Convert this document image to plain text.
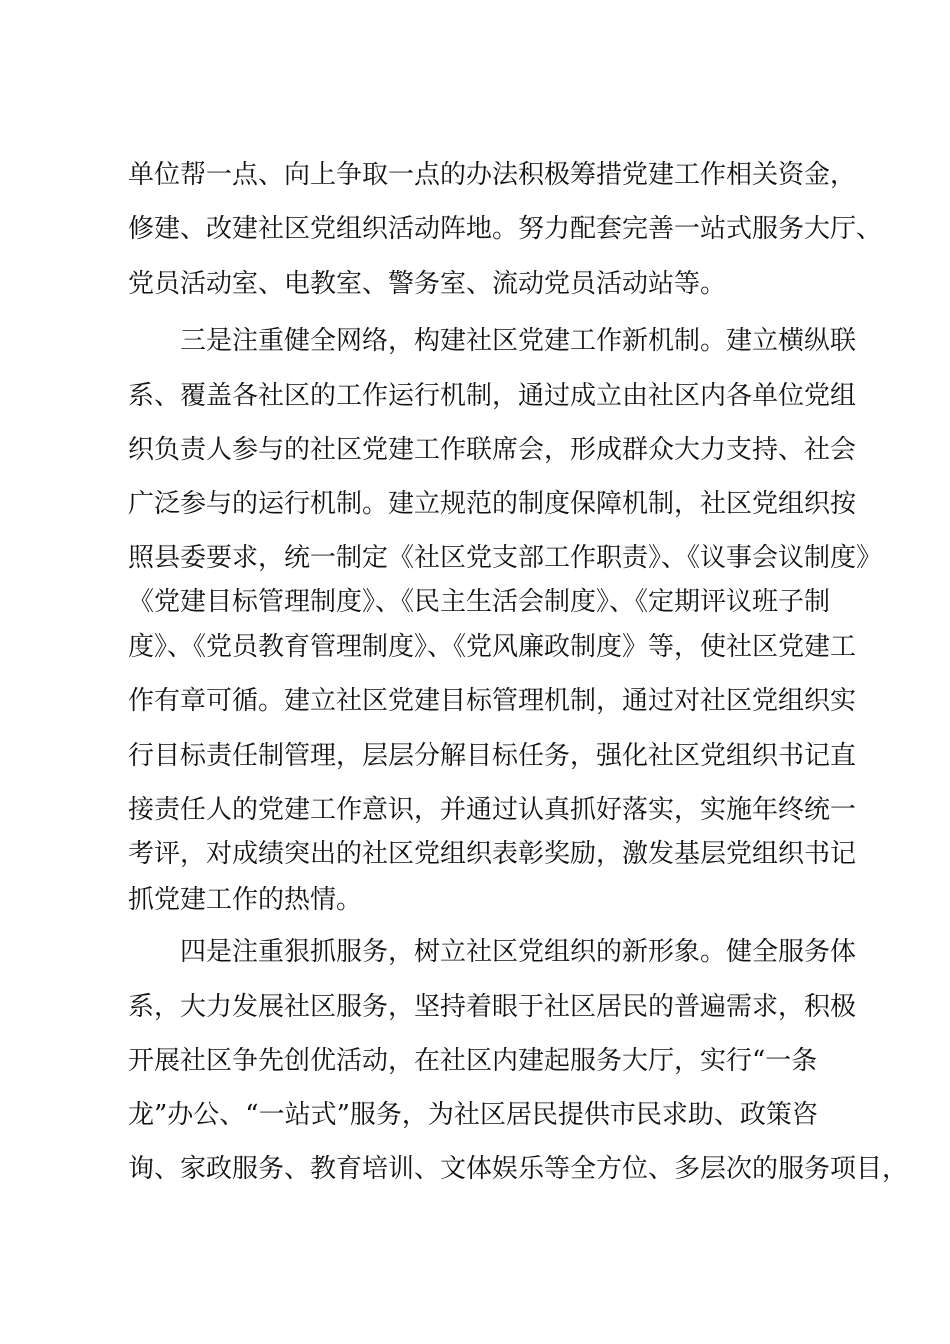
单位帮一点、向上争取一点的办法积极筹措党建工作相关资金，
修建、改建社区党组织活动阵地。努力配套完善一站式服务大厅、
党员活动室、电教室、警务室、流动党员活动站等。
三是注重健全网络，构建社区党建工作新机制。建立横纵联
系、覆盖各社区的工作运行机制，通过成立由社区内各单位党组
织负责人参与的社区党建工作联席会，形成群众大力支持、社会
广泛参与的运行机制。建立规范的制度保障机制，社区党组织按
照县委要求，统一制定《社区党支部工作职责》、《议事会议制度》
《党建目标管理制度》、《民主生活会制度》、《定期评议班子制
度》、《党员教育管理制度》、《党风廉政制度》等，使社区党建工
作有章可循。建立社区党建目标管理机制，通过对社区党组织实
行目标责任制管理，层层分解目标任务，强化社区党组织书记直
接责任人的党建工作意识，并通过认真抓好落实，实施年终统一
考评，对成绩突出的社区党组织表彰奖励，激发基层党组织书记
抓党建工作的热情。
四是注重狠抓服务，树立社区党组织的新形象。健全服务体
系，大力发展社区服务，坚持着眼于社区居民的普遍需求，积极
开展社区争先创优活动，在社区内建起服务大厅，实行“一条
龙”办公、“一站式”服务，为社区居民提供市民求助、政策咨
询、家政服务、教育培训、文体娱乐等全方位、多层次的服务项目，
